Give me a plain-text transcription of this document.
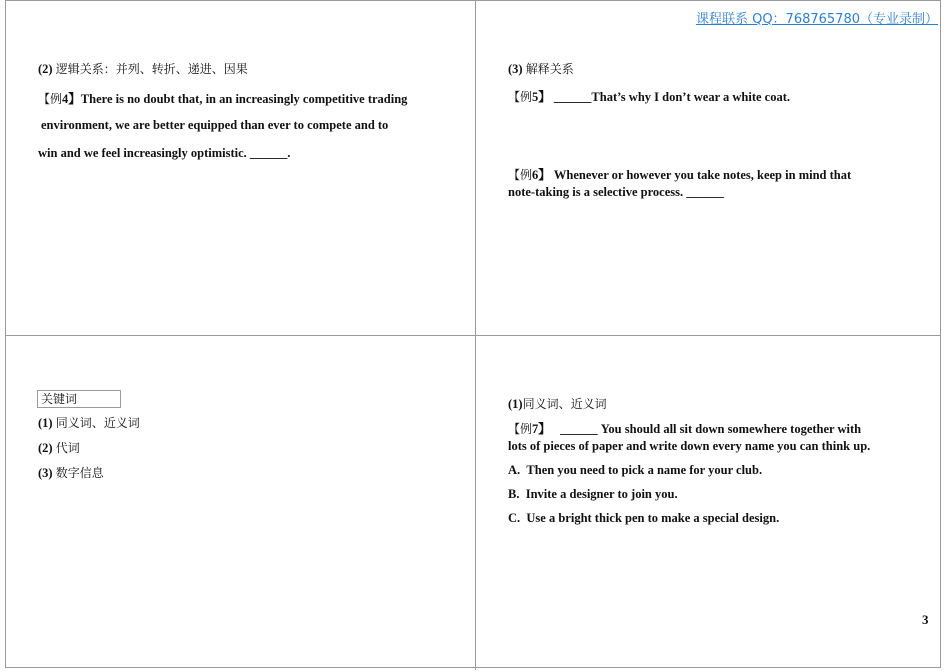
课程联系 QQ：768765780（专业录制）
(2) 逻辑关系：并列、转折、递进、因果
【例4】There is no doubt that, in an increasingly competitive trading
environment, we are better equipped than ever to compete and to
win and we feel increasingly optimistic. ______.
(3) 解释关系
【例5】 ______That’s why I don’t wear a white coat.
【例6】 Whenever or however you take notes, keep in mind that
note-taking is a selective process. ______
关键词
(1) 同义词、近义词
(2) 代词
(3) 数字信息
(1)同义词、近义词
【例7】 ______ You should all sit down somewhere together with
lots of pieces of paper and write down every name you can think up.
A. Then you need to pick a name for your club.
B. Invite a designer to join you.
C. Use a bright thick pen to make a special design.
3
